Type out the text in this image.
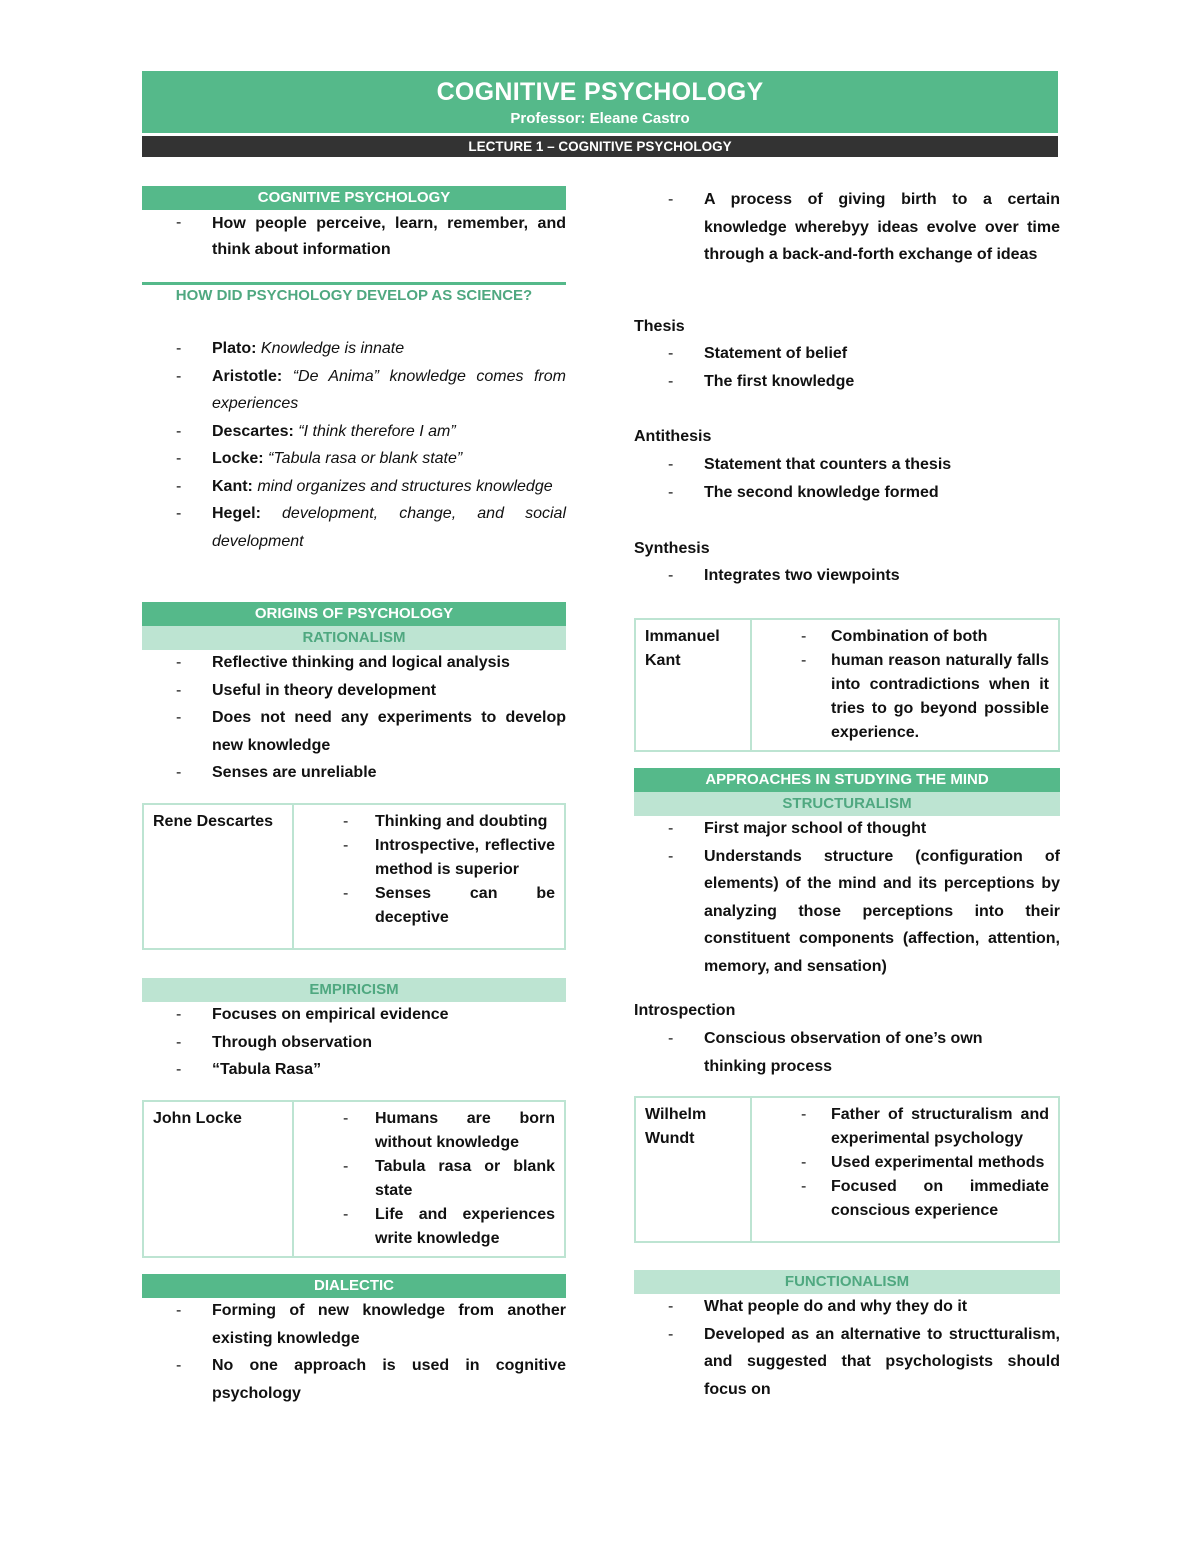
COGNITIVE PSYCHOLOGY
Professor: Eleane Castro
LECTURE 1 – COGNITIVE PSYCHOLOGY
COGNITIVE PSYCHOLOGY
- How people perceive, learn, remember, and think about information
HOW DID PSYCHOLOGY DEVELOP AS SCIENCE?
- Plato: Knowledge is innate
- Aristotle: “De Anima” knowledge comes from experiences
- Descartes: “I think therefore I am”
- Locke: “Tabula rasa or blank state”
- Kant: mind organizes and structures knowledge
- Hegel: development, change, and social development
ORIGINS OF PSYCHOLOGY
RATIONALISM
- Reflective thinking and logical analysis
- Useful in theory development
- Does not need any experiments to develop new knowledge
- Senses are unreliable
Rene Descartes	
-Thinking and doubting
- Introspective, reflective method is superior
- Senses can be deceptive
EMPIRICISM
- Focuses on empirical evidence
- Through observation
- “Tabula Rasa”
John Locke	
-Humans are born without knowledge
- Tabula rasa or blank state
- Life and experiences write knowledge
DIALECTIC
- Forming of new knowledge from another existing knowledge
- No one approach is used in cognitive psychology
- A process of giving birth to a certain knowledge wherebyy ideas evolve over time through a back-and-forth exchange of ideas
Thesis
- Statement of belief
- The first knowledge
Antithesis
- Statement that counters a thesis
- The second knowledge formed
Synthesis
- Integrates two viewpoints
Immanuel Kant	
- Combination of both
- human reason naturally falls into contradictions when it tries to go beyond possible experience.
APPROACHES IN STUDYING THE MIND
STRUCTURALISM
- First major school of thought
- Understands structure (configuration of elements) of the mind and its perceptions by analyzing those perceptions into their constituent components (affection, attention, memory, and sensation)
Introspection
- Conscious observation of one’s own thinking process
Wilhelm Wundt	
- Father of structuralism and experimental psychology
- Used experimental methods
- Focused on immediate conscious experience
FUNCTIONALISM
- What people do and why they do it
- Developed as an alternative to structturalism, and suggested that psychologists should focus on
